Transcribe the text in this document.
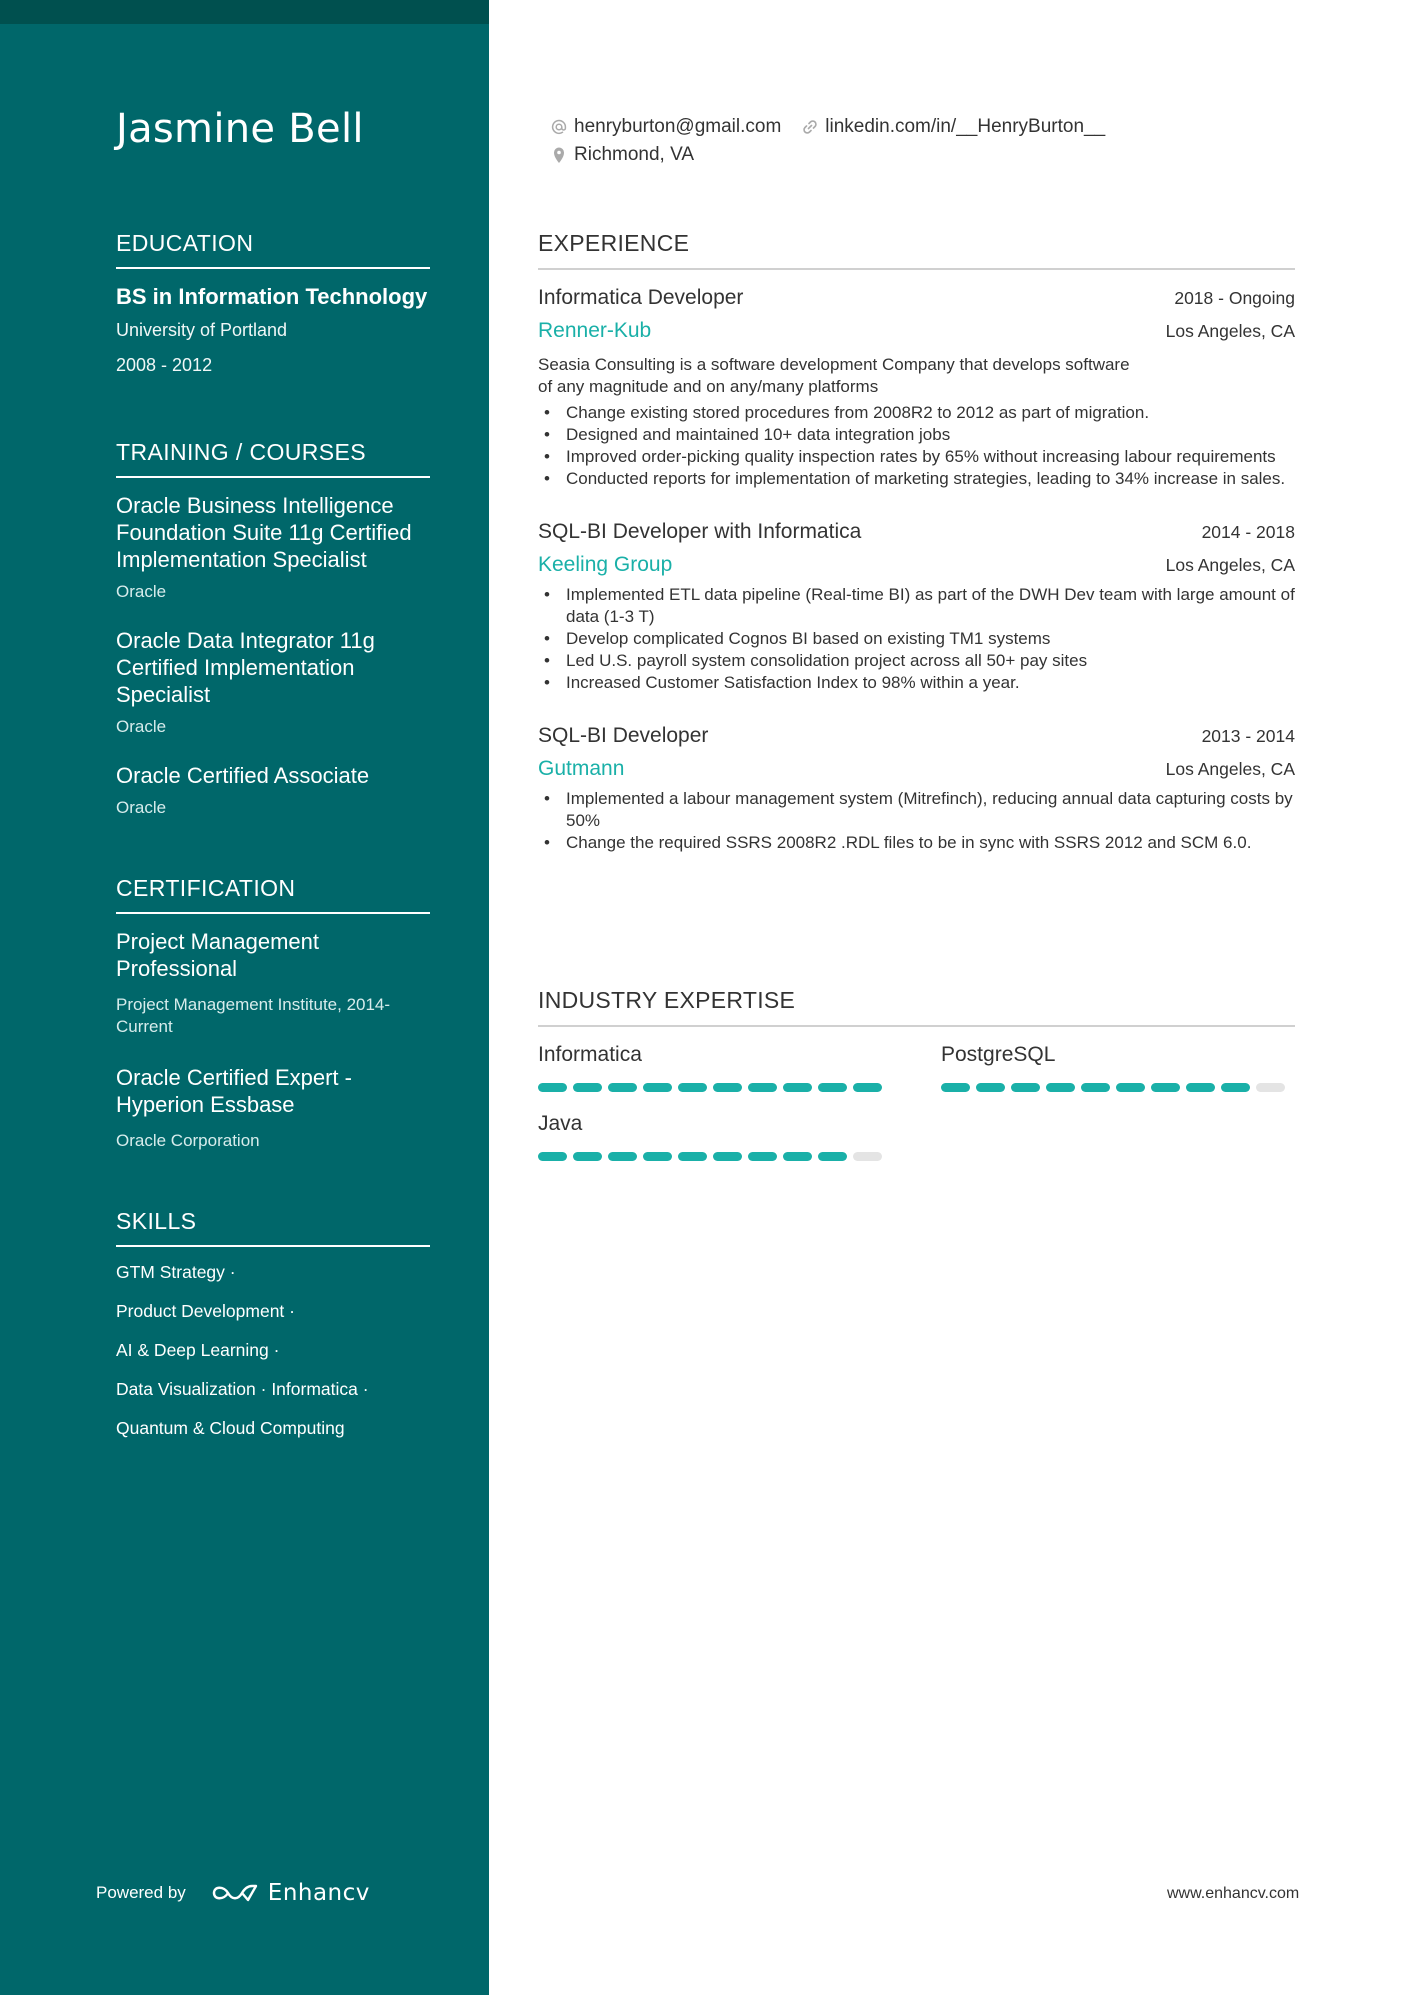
Jasmine Bell
EDUCATION
BS in Information Technology
University of Portland
2008 - 2012
TRAINING / COURSES
Oracle Business Intelligence Foundation Suite 11g Certified Implementation Specialist
Oracle
Oracle Data Integrator 11g Certified Implementation Specialist
Oracle
Oracle Certified Associate
Oracle
CERTIFICATION
Project Management Professional
Project Management Institute, 2014-Current
Oracle Certified Expert - Hyperion Essbase
Oracle Corporation
SKILLS
GTM Strategy ·
Product Development ·
AI & Deep Learning ·
Data Visualization · Informatica ·
Quantum & Cloud Computing
Powered by	Enhancv
henryburton@gmail.com linkedin.com/in/__HenryBurton__
Richmond, VA
EXPERIENCE
Informatica Developer	2018 - Ongoing
Renner-Kub	Los Angeles, CA
Seasia Consulting is a software development Company that develops software of any magnitude and on any/many platforms
• Change existing stored procedures from 2008R2 to 2012 as part of migration.
• Designed and maintained 10+ data integration jobs
• Improved order-picking quality inspection rates by 65% without increasing labour requirements
• Conducted reports for implementation of marketing strategies, leading to 34% increase in sales.
SQL-BI Developer with Informatica	2014 - 2018
Keeling Group	Los Angeles, CA
• Implemented ETL data pipeline (Real-time BI) as part of the DWH Dev team with large amount of data (1-3 T)
• Develop complicated Cognos BI based on existing TM1 systems
• Led U.S. payroll system consolidation project across all 50+ pay sites
• Increased Customer Satisfaction Index to 98% within a year.
SQL-BI Developer	2013 - 2014
Gutmann	Los Angeles, CA
• Implemented a labour management system (Mitrefinch), reducing annual data capturing costs by 50%
• Change the required SSRS 2008R2 .RDL files to be in sync with SSRS 2012 and SCM 6.0.
INDUSTRY EXPERTISE
Informatica	PostgreSQL
Java
www.enhancv.com
